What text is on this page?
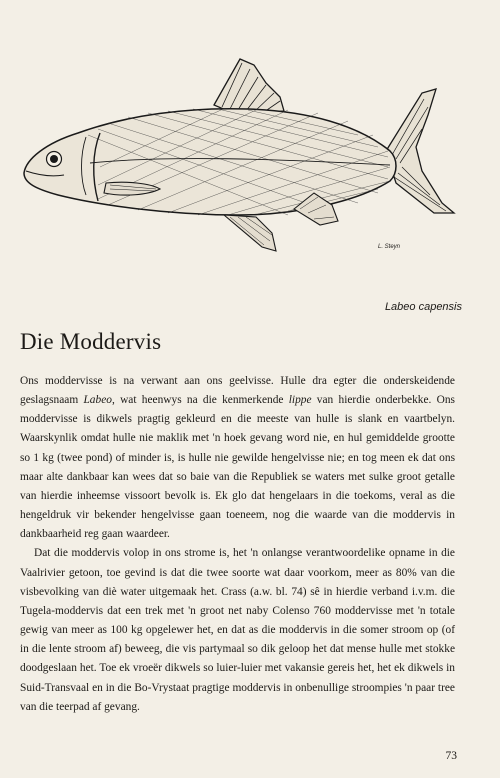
L. Steyn
Labeo capensis
Die Moddervis

Ons moddervisse is na verwant aan ons geelvisse. Hulle dra egter die onderskeidende geslagsnaam Labeo, wat heenwys na die kenmerkende lippe van hierdie onderbekke. Ons moddervisse is dikwels pragtig gekleurd en die meeste van hulle is slank en vaartbelyn. Waarskynlik omdat hulle nie maklik met 'n hoek gevang word nie, en hul gemiddelde grootte so 1 kg (twee pond) of minder is, is hulle nie gewilde hengelvisse nie; en tog meen ek dat ons maar alte dankbaar kan wees dat so baie van die Republiek se waters met sulke groot getalle van hierdie inheemse vissoort bevolk is. Ek glo dat hengelaars in die toekoms, veral as die hengeldruk vir bekender hengelvisse gaan toeneem, nog die waarde van die moddervis in dankbaarheid reg gaan waardeer.

Dat die moddervis volop in ons strome is, het 'n onlangse verantwoordelike opname in die Vaalrivier getoon, toe gevind is dat die twee soorte wat daar voorkom, meer as 80% van die visbevolking van diè water uitgemaak het. Crass (a.w. bl. 74) sê in hierdie verband i.v.m. die Tugela-moddervis dat een trek met 'n groot net naby Colenso 760 moddervisse met 'n totale gewig van meer as 100 kg opgelewer het, en dat as die moddervis in die somer stroom op (of in die lente stroom af) beweeg, die vis partymaal so dik geloop het dat mense hulle met stokke doodgeslaan het. Toe ek vroeër dikwels so luier-luier met vakansie gereis het, het ek dikwels in Suid-Transvaal en in die Bo-Vrystaat pragtige moddervis in onbenullige stroompies 'n paar tree van die teerpad af gevang.

73
